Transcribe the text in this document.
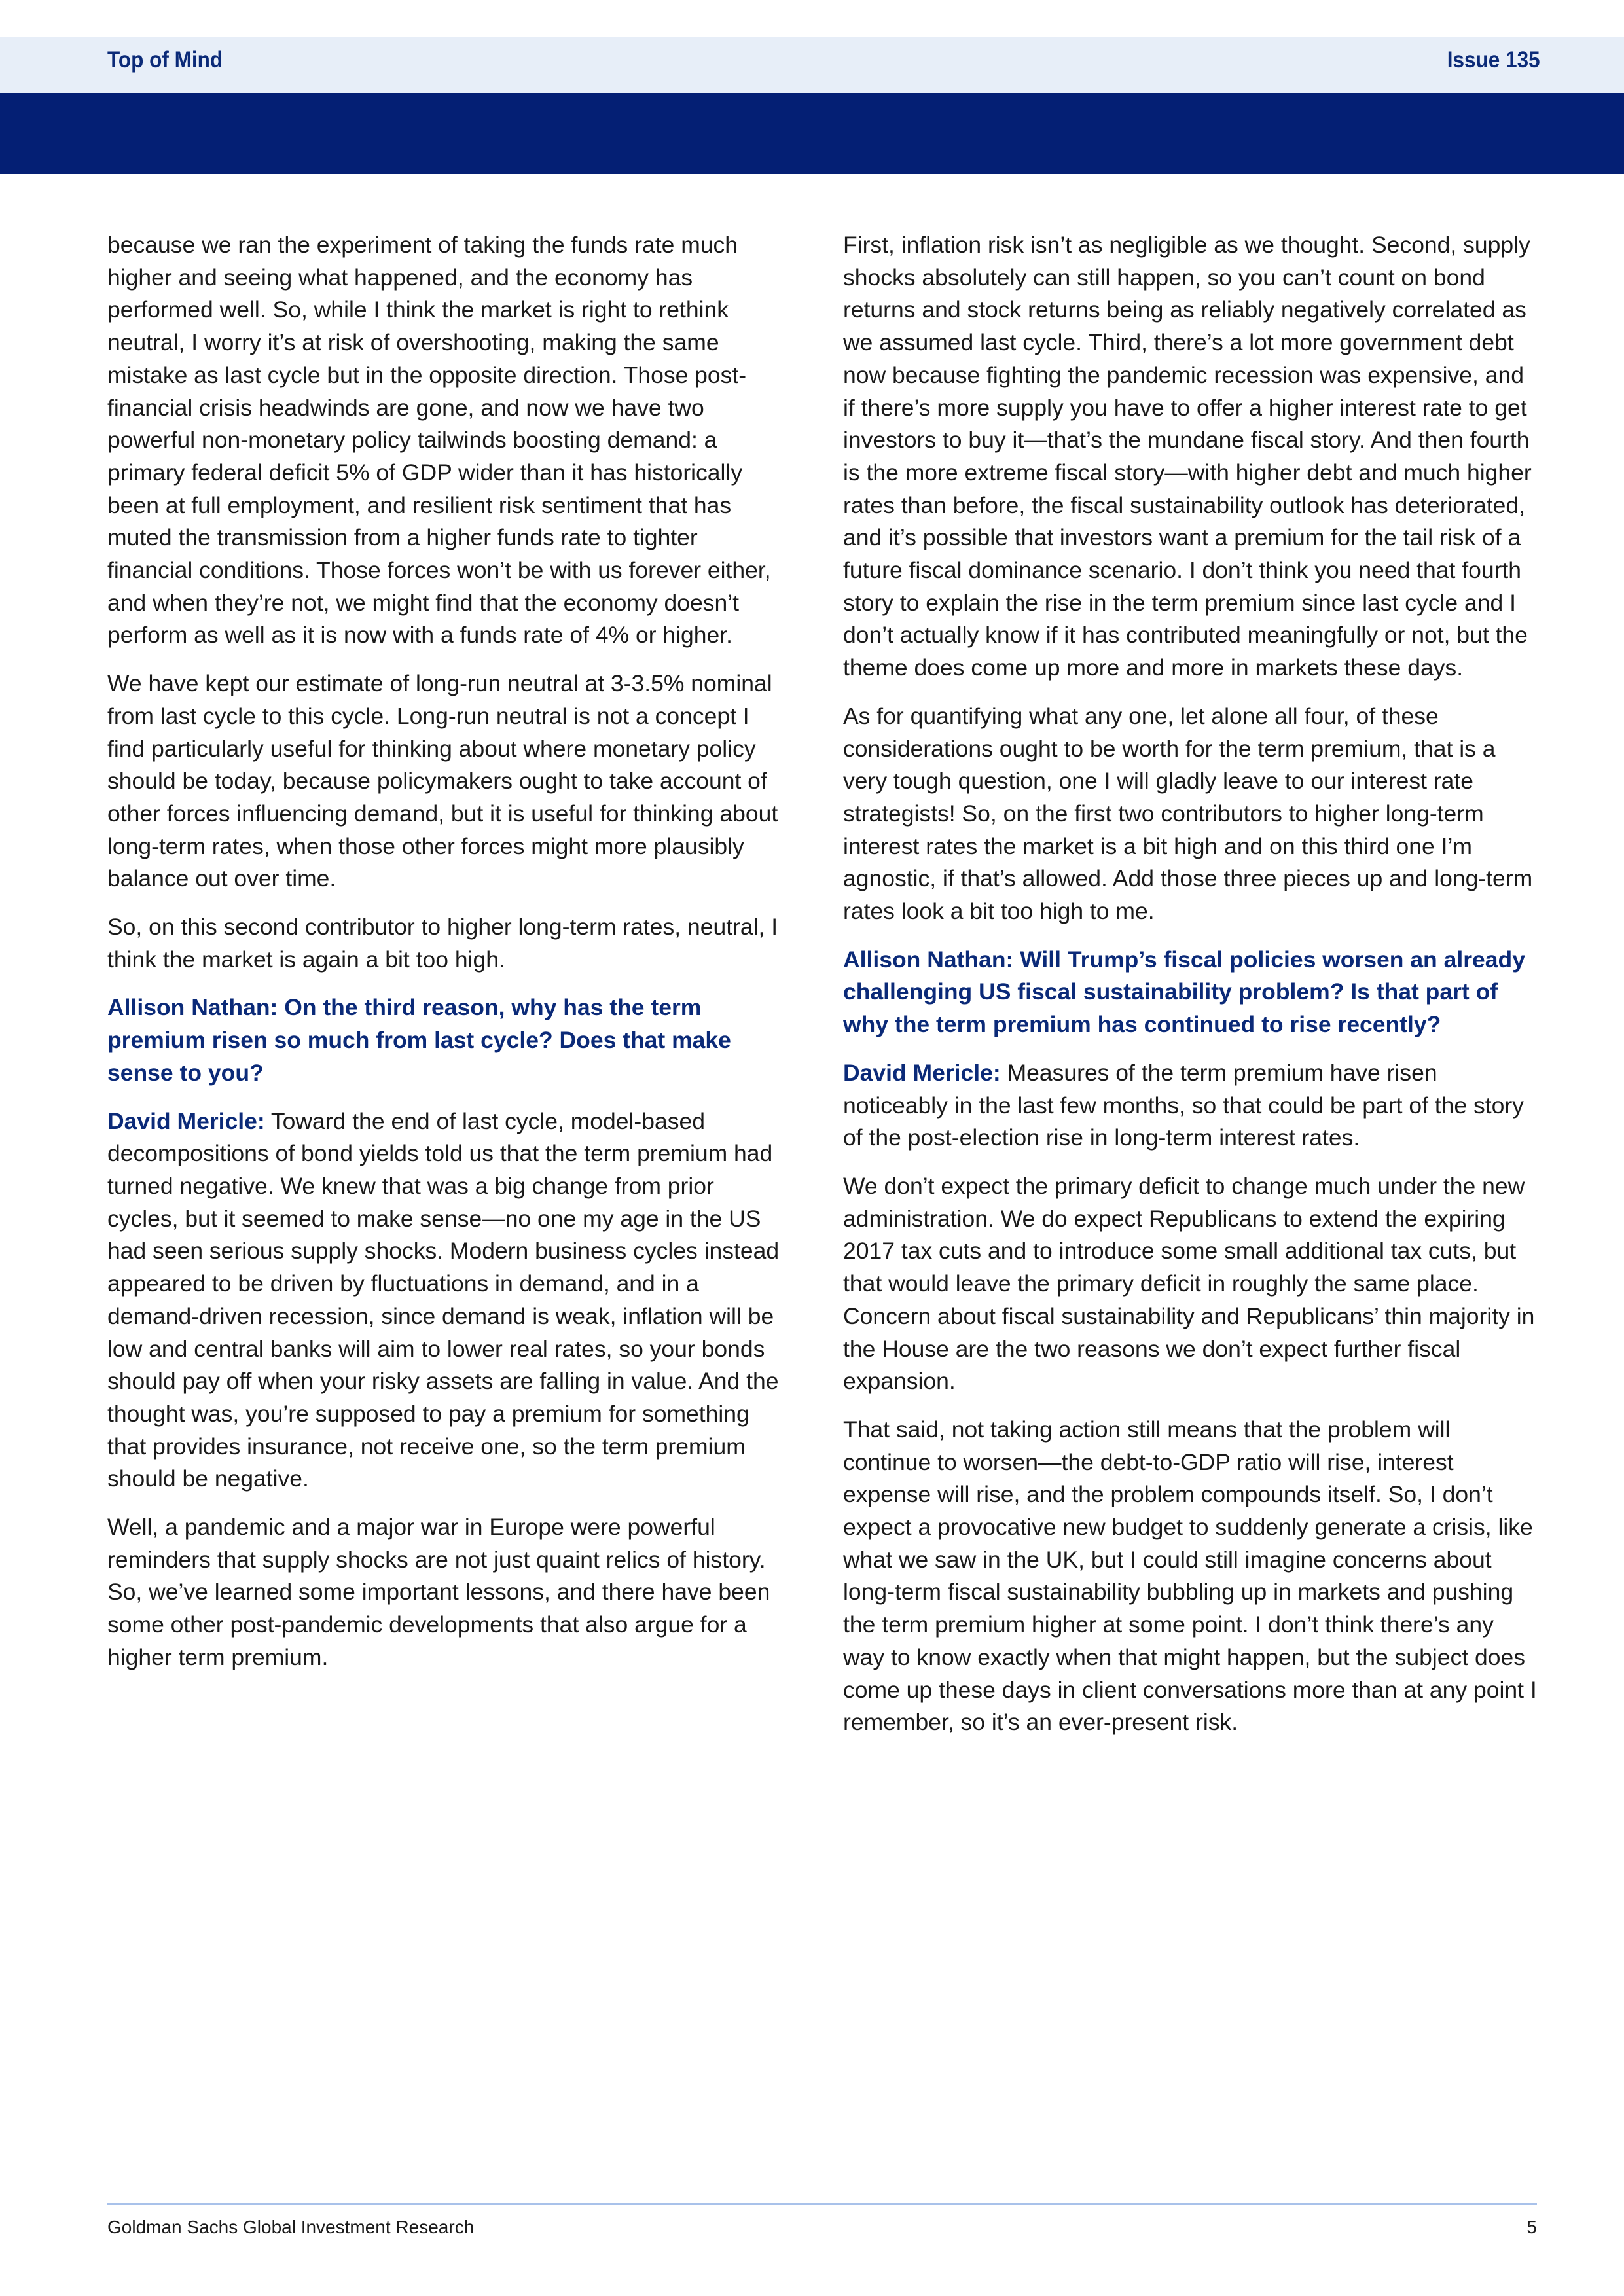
Top of Mind	Issue 135

because we ran the experiment of taking the funds rate much higher and seeing what happened, and the economy has performed well. So, while I think the market is right to rethink neutral, I worry it’s at risk of overshooting, making the same mistake as last cycle but in the opposite direction. Those post-financial crisis headwinds are gone, and now we have two powerful non-monetary policy tailwinds boosting demand: a primary federal deficit 5% of GDP wider than it has historically been at full employment, and resilient risk sentiment that has muted the transmission from a higher funds rate to tighter financial conditions. Those forces won’t be with us forever either, and when they’re not, we might find that the economy doesn’t perform as well as it is now with a funds rate of 4% or higher.

We have kept our estimate of long-run neutral at 3-3.5% nominal from last cycle to this cycle. Long-run neutral is not a concept I find particularly useful for thinking about where monetary policy should be today, because policymakers ought to take account of other forces influencing demand, but it is useful for thinking about long-term rates, when those other forces might more plausibly balance out over time.

So, on this second contributor to higher long-term rates, neutral, I think the market is again a bit too high.

Allison Nathan: On the third reason, why has the term premium risen so much from last cycle? Does that make sense to you?

David Mericle: Toward the end of last cycle, model-based decompositions of bond yields told us that the term premium had turned negative. We knew that was a big change from prior cycles, but it seemed to make sense—no one my age in the US had seen serious supply shocks. Modern business cycles instead appeared to be driven by fluctuations in demand, and in a demand-driven recession, since demand is weak, inflation will be low and central banks will aim to lower real rates, so your bonds should pay off when your risky assets are falling in value. And the thought was, you’re supposed to pay a premium for something that provides insurance, not receive one, so the term premium should be negative.

Well, a pandemic and a major war in Europe were powerful reminders that supply shocks are not just quaint relics of history. So, we’ve learned some important lessons, and there have been some other post-pandemic developments that also argue for a higher term premium.

First, inflation risk isn’t as negligible as we thought. Second, supply shocks absolutely can still happen, so you can’t count on bond returns and stock returns being as reliably negatively correlated as we assumed last cycle. Third, there’s a lot more government debt now because fighting the pandemic recession was expensive, and if there’s more supply you have to offer a higher interest rate to get investors to buy it—that’s the mundane fiscal story. And then fourth is the more extreme fiscal story—with higher debt and much higher rates than before, the fiscal sustainability outlook has deteriorated, and it’s possible that investors want a premium for the tail risk of a future fiscal dominance scenario. I don’t think you need that fourth story to explain the rise in the term premium since last cycle and I don’t actually know if it has contributed meaningfully or not, but the theme does come up more and more in markets these days.

As for quantifying what any one, let alone all four, of these considerations ought to be worth for the term premium, that is a very tough question, one I will gladly leave to our interest rate strategists! So, on the first two contributors to higher long-term interest rates the market is a bit high and on this third one I’m agnostic, if that’s allowed. Add those three pieces up and long-term rates look a bit too high to me.

Allison Nathan: Will Trump’s fiscal policies worsen an already challenging US fiscal sustainability problem? Is that part of why the term premium has continued to rise recently?

David Mericle: Measures of the term premium have risen noticeably in the last few months, so that could be part of the story of the post-election rise in long-term interest rates.

We don’t expect the primary deficit to change much under the new administration. We do expect Republicans to extend the expiring 2017 tax cuts and to introduce some small additional tax cuts, but that would leave the primary deficit in roughly the same place. Concern about fiscal sustainability and Republicans’ thin majority in the House are the two reasons we don’t expect further fiscal expansion.

That said, not taking action still means that the problem will continue to worsen—the debt-to-GDP ratio will rise, interest expense will rise, and the problem compounds itself. So, I don’t expect a provocative new budget to suddenly generate a crisis, like what we saw in the UK, but I could still imagine concerns about long-term fiscal sustainability bubbling up in markets and pushing the term premium higher at some point. I don’t think there’s any way to know exactly when that might happen, but the subject does come up these days in client conversations more than at any point I remember, so it’s an ever-present risk.

Goldman Sachs Global Investment Research	5
